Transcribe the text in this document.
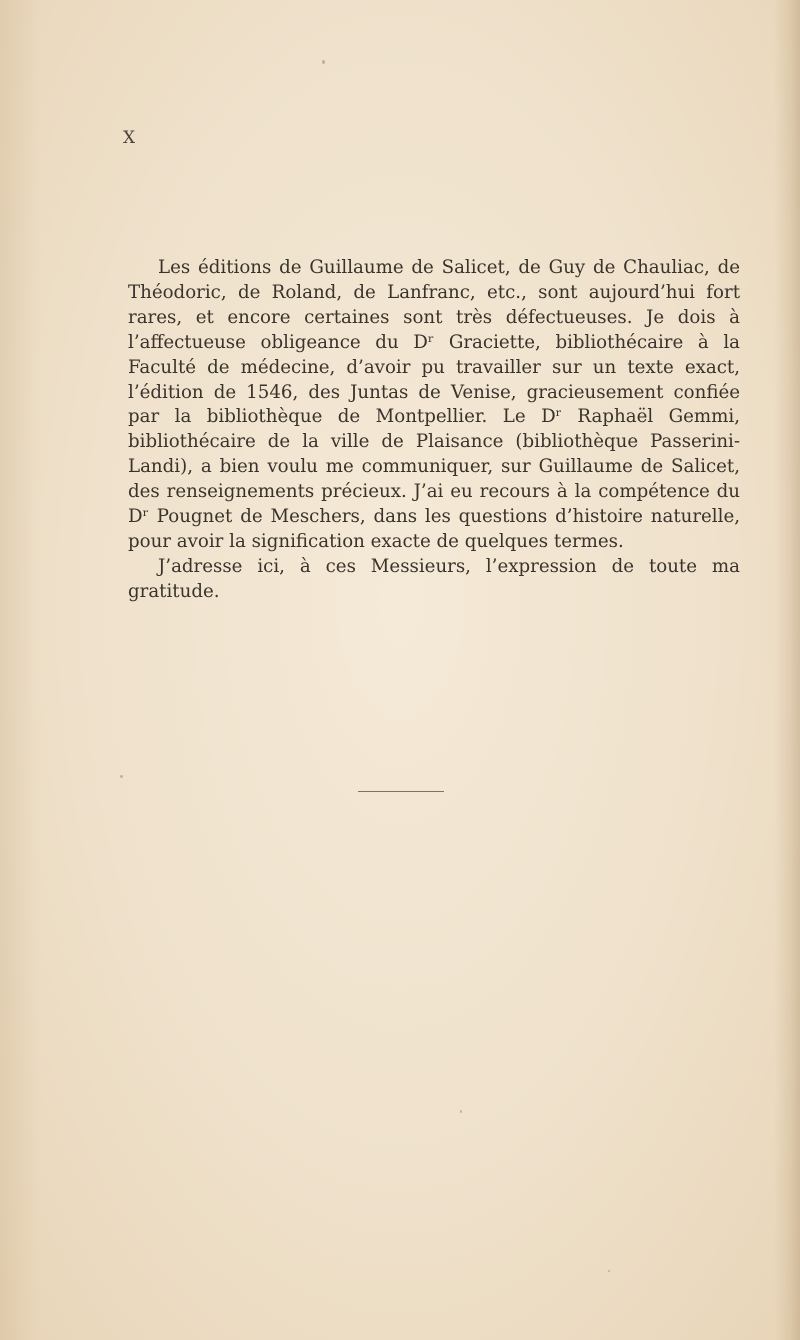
X

Les éditions de Guillaume de Salicet, de Guy de Chauliac, de Théodoric, de Roland, de Lanfranc, etc., sont aujourd’hui fort rares, et encore certaines sont très défectueuses. Je dois à l’affectueuse obligeance du Dʳ Graciette, bibliothécaire à la Faculté de médecine, d’avoir pu travailler sur un texte exact, l’édition de 1546, des Juntas de Venise, gracieusement confiée par la bibliothèque de Montpellier. Le Dʳ Raphaël Gemmi, bibliothécaire de la ville de Plaisance (bibliothèque Passerini-Landi), a bien voulu me communiquer, sur Guillaume de Salicet, des renseignements précieux. J’ai eu recours à la compétence du Dʳ Pougnet de Meschers, dans les questions d’histoire naturelle, pour avoir la signification exacte de quelques termes.

J’adresse ici, à ces Messieurs, l’expression de toute ma gratitude.
